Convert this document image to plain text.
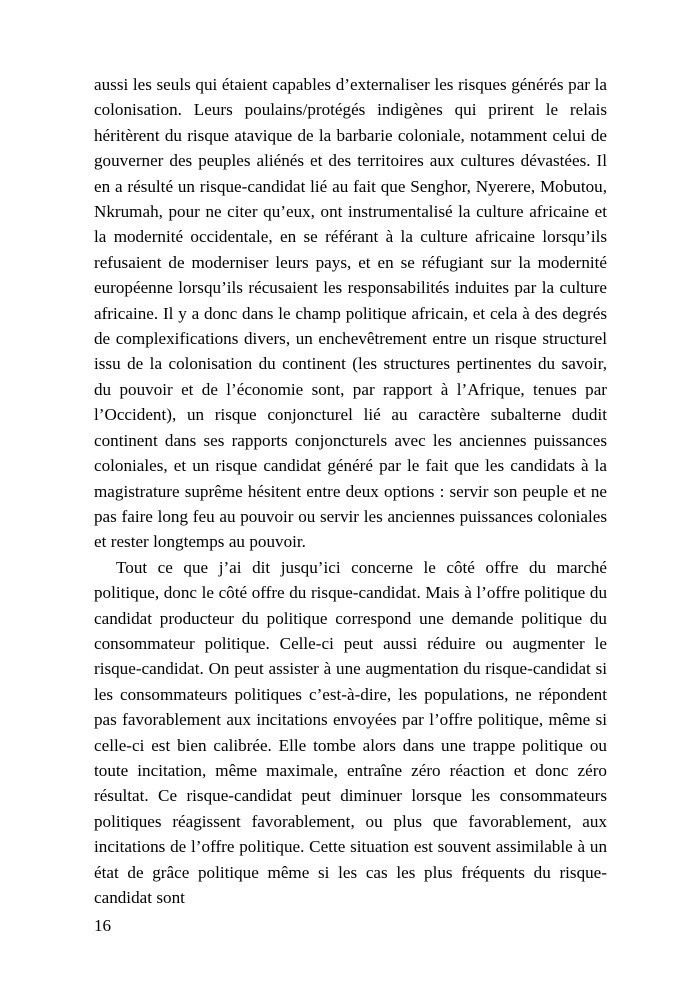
aussi les seuls qui étaient capables d’externaliser les risques générés par la colonisation. Leurs poulains/protégés indigènes qui prirent le relais héritèrent du risque atavique de la barbarie coloniale, notamment celui de gouverner des peuples aliénés et des territoires aux cultures dévastées. Il en a résulté un risque-candidat lié au fait que Senghor, Nyerere, Mobutou, Nkrumah, pour ne citer qu’eux, ont instrumentalisé la culture africaine et la modernité occidentale, en se référant à la culture africaine lorsqu’ils refusaient de moderniser leurs pays, et en se réfugiant sur la modernité européenne lorsqu’ils récusaient les responsabilités induites par la culture africaine. Il y a donc dans le champ politique africain, et cela à des degrés de complexifications divers, un enchevêtrement entre un risque structurel issu de la colonisation du continent (les structures pertinentes du savoir, du pouvoir et de l’économie sont, par rapport à l’Afrique, tenues par l’Occident), un risque conjoncturel lié au caractère subalterne dudit continent dans ses rapports conjoncturels avec les anciennes puissances coloniales, et un risque candidat généré par le fait que les candidats à la magistrature suprême hésitent entre deux options : servir son peuple et ne pas faire long feu au pouvoir ou servir les anciennes puissances coloniales et rester longtemps au pouvoir.

Tout ce que j’ai dit jusqu’ici concerne le côté offre du marché politique, donc le côté offre du risque-candidat. Mais à l’offre politique du candidat producteur du politique correspond une demande politique du consommateur politique. Celle-ci peut aussi réduire ou augmenter le risque-candidat. On peut assister à une augmentation du risque-candidat si les consommateurs politiques c’est-à-dire, les populations, ne répondent pas favorablement aux incitations envoyées par l’offre politique, même si celle-ci est bien calibrée. Elle tombe alors dans une trappe politique ou toute incitation, même maximale, entraîne zéro réaction et donc zéro résultat. Ce risque-candidat peut diminuer lorsque les consommateurs politiques réagissent favorablement, ou plus que favorablement, aux incitations de l’offre politique. Cette situation est souvent assimilable à un état de grâce politique même si les cas les plus fréquents du risque-candidat sont

16
